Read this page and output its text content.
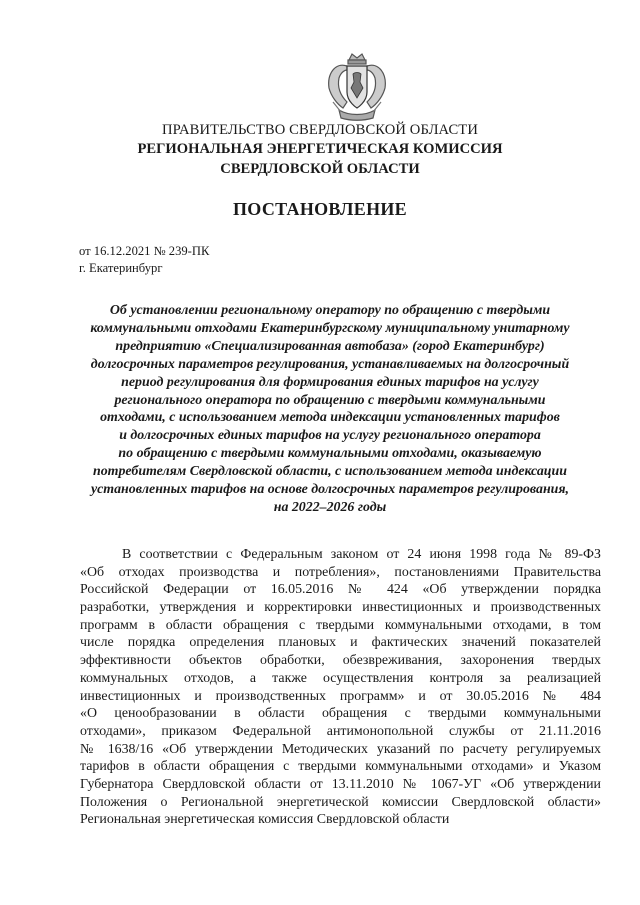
ПРАВИТЕЛЬСТВО СВЕРДЛОВСКОЙ ОБЛАСТИ
РЕГИОНАЛЬНАЯ ЭНЕРГЕТИЧЕСКАЯ КОМИССИЯ
СВЕРДЛОВСКОЙ ОБЛАСТИ
ПОСТАНОВЛЕНИЕ
от 16.12.2021 № 239-ПК
г. Екатеринбург
Об установлении региональному оператору по обращению с твердыми
коммунальными отходами Екатеринбургскому муниципальному унитарному
предприятию «Специализированная автобаза» (город Екатеринбург)
долгосрочных параметров регулирования, устанавливаемых на долгосрочный
период регулирования для формирования единых тарифов на услугу
регионального оператора по обращению с твердыми коммунальными
отходами, с использованием метода индексации установленных тарифов
и долгосрочных единых тарифов на услугу регионального оператора
по обращению с твердыми коммунальными отходами, оказываемую
потребителям Свердловской области, с использованием метода индексации
установленных тарифов на основе долгосрочных параметров регулирования,
на 2022–2026 годы
В соответствии с Федеральным законом от 24 июня 1998 года № 89-ФЗ
«Об отходах производства и потребления», постановлениями Правительства
Российской Федерации от 16.05.2016 № 424 «Об утверждении порядка
разработки, утверждения и корректировки инвестиционных и производственных
программ в области обращения с твердыми коммунальными отходами, в том
числе порядка определения плановых и фактических значений показателей
эффективности объектов обработки, обезвреживания, захоронения твердых
коммунальных отходов, а также осуществления контроля за реализацией
инвестиционных и производственных программ» и от 30.05.2016 № 484
«О ценообразовании в области обращения с твердыми коммунальными
отходами», приказом Федеральной антимонопольной службы от 21.11.2016
№ 1638/16 «Об утверждении Методических указаний по расчету регулируемых
тарифов в области обращения с твердыми коммунальными отходами» и Указом
Губернатора Свердловской области от 13.11.2010 № 1067-УГ «Об утверждении
Положения о Региональной энергетической комиссии Свердловской области»
Региональная энергетическая комиссия Свердловской области
